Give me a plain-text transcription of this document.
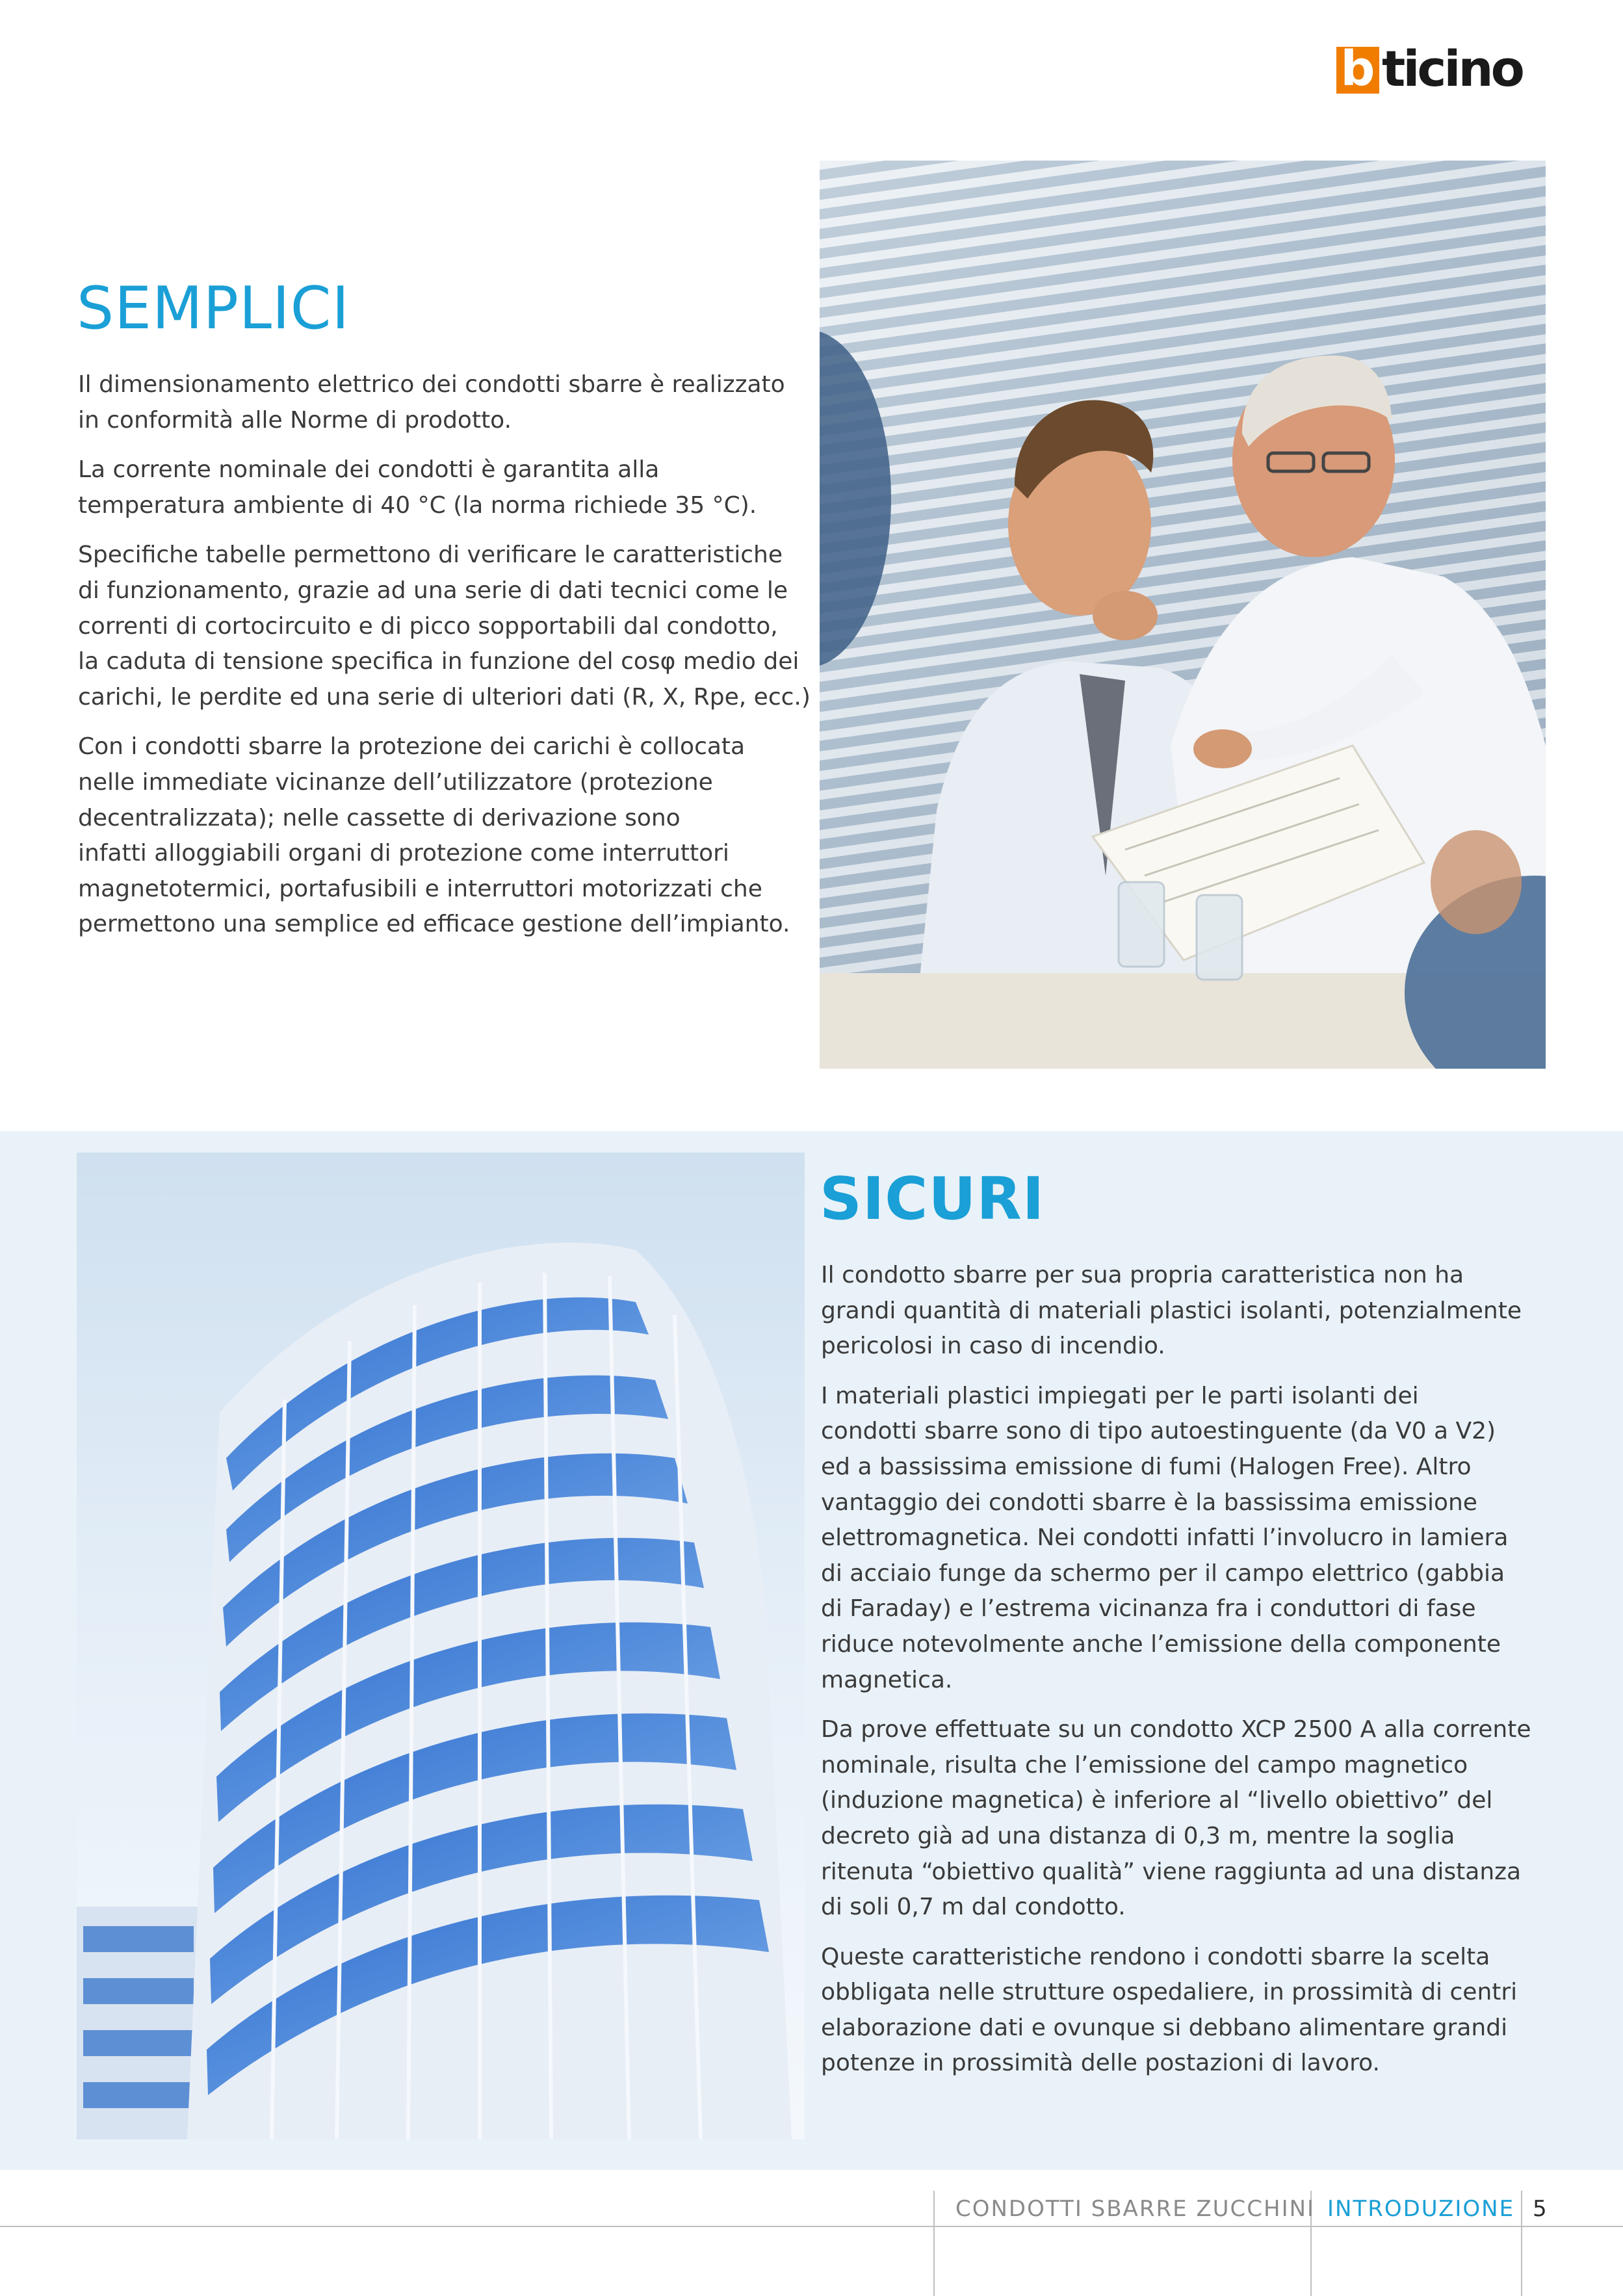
b ticino
SEMPLICI

Il dimensionamento elettrico dei condotti sbarre è realizzato
in conformità alle Norme di prodotto.

La corrente nominale dei condotti è garantita alla
temperatura ambiente di 40 °C (la norma richiede 35 °C).

Specifiche tabelle permettono di verificare le caratteristiche
di funzionamento, grazie ad una serie di dati tecnici come le
correnti di cortocircuito e di picco sopportabili dal condotto,
la caduta di tensione specifica in funzione del cosφ medio dei
carichi, le perdite ed una serie di ulteriori dati (R, X, Rpe, ecc.)

Con i condotti sbarre la protezione dei carichi è collocata
nelle immediate vicinanze dell’utilizzatore (protezione
decentralizzata); nelle cassette di derivazione sono
infatti alloggiabili organi di protezione come interruttori
magnetotermici, portafusibili e interruttori motorizzati che
permettono una semplice ed efficace gestione dell’impianto.

SICURI

Il condotto sbarre per sua propria caratteristica non ha
grandi quantità di materiali plastici isolanti, potenzialmente
pericolosi in caso di incendio.

I materiali plastici impiegati per le parti isolanti dei
condotti sbarre sono di tipo autoestinguente (da V0 a V2)
ed a bassissima emissione di fumi (Halogen Free). Altro
vantaggio dei condotti sbarre è la bassissima emissione
elettromagnetica. Nei condotti infatti l’involucro in lamiera
di acciaio funge da schermo per il campo elettrico (gabbia
di Faraday) e l’estrema vicinanza fra i conduttori di fase
riduce notevolmente anche l’emissione della componente
magnetica.

Da prove effettuate su un condotto XCP 2500 A alla corrente
nominale, risulta che l’emissione del campo magnetico
(induzione magnetica) è inferiore al “livello obiettivo” del
decreto già ad una distanza di 0,3 m, mentre la soglia
ritenuta “obiettivo qualità” viene raggiunta ad una distanza
di soli 0,7 m dal condotto.

Queste caratteristiche rendono i condotti sbarre la scelta
obbligata nelle strutture ospedaliere, in prossimità di centri
elaborazione dati e ovunque si debbano alimentare grandi
potenze in prossimità delle postazioni di lavoro.

CONDOTTI SBARRE ZUCCHINI INTRODUZIONE 5
